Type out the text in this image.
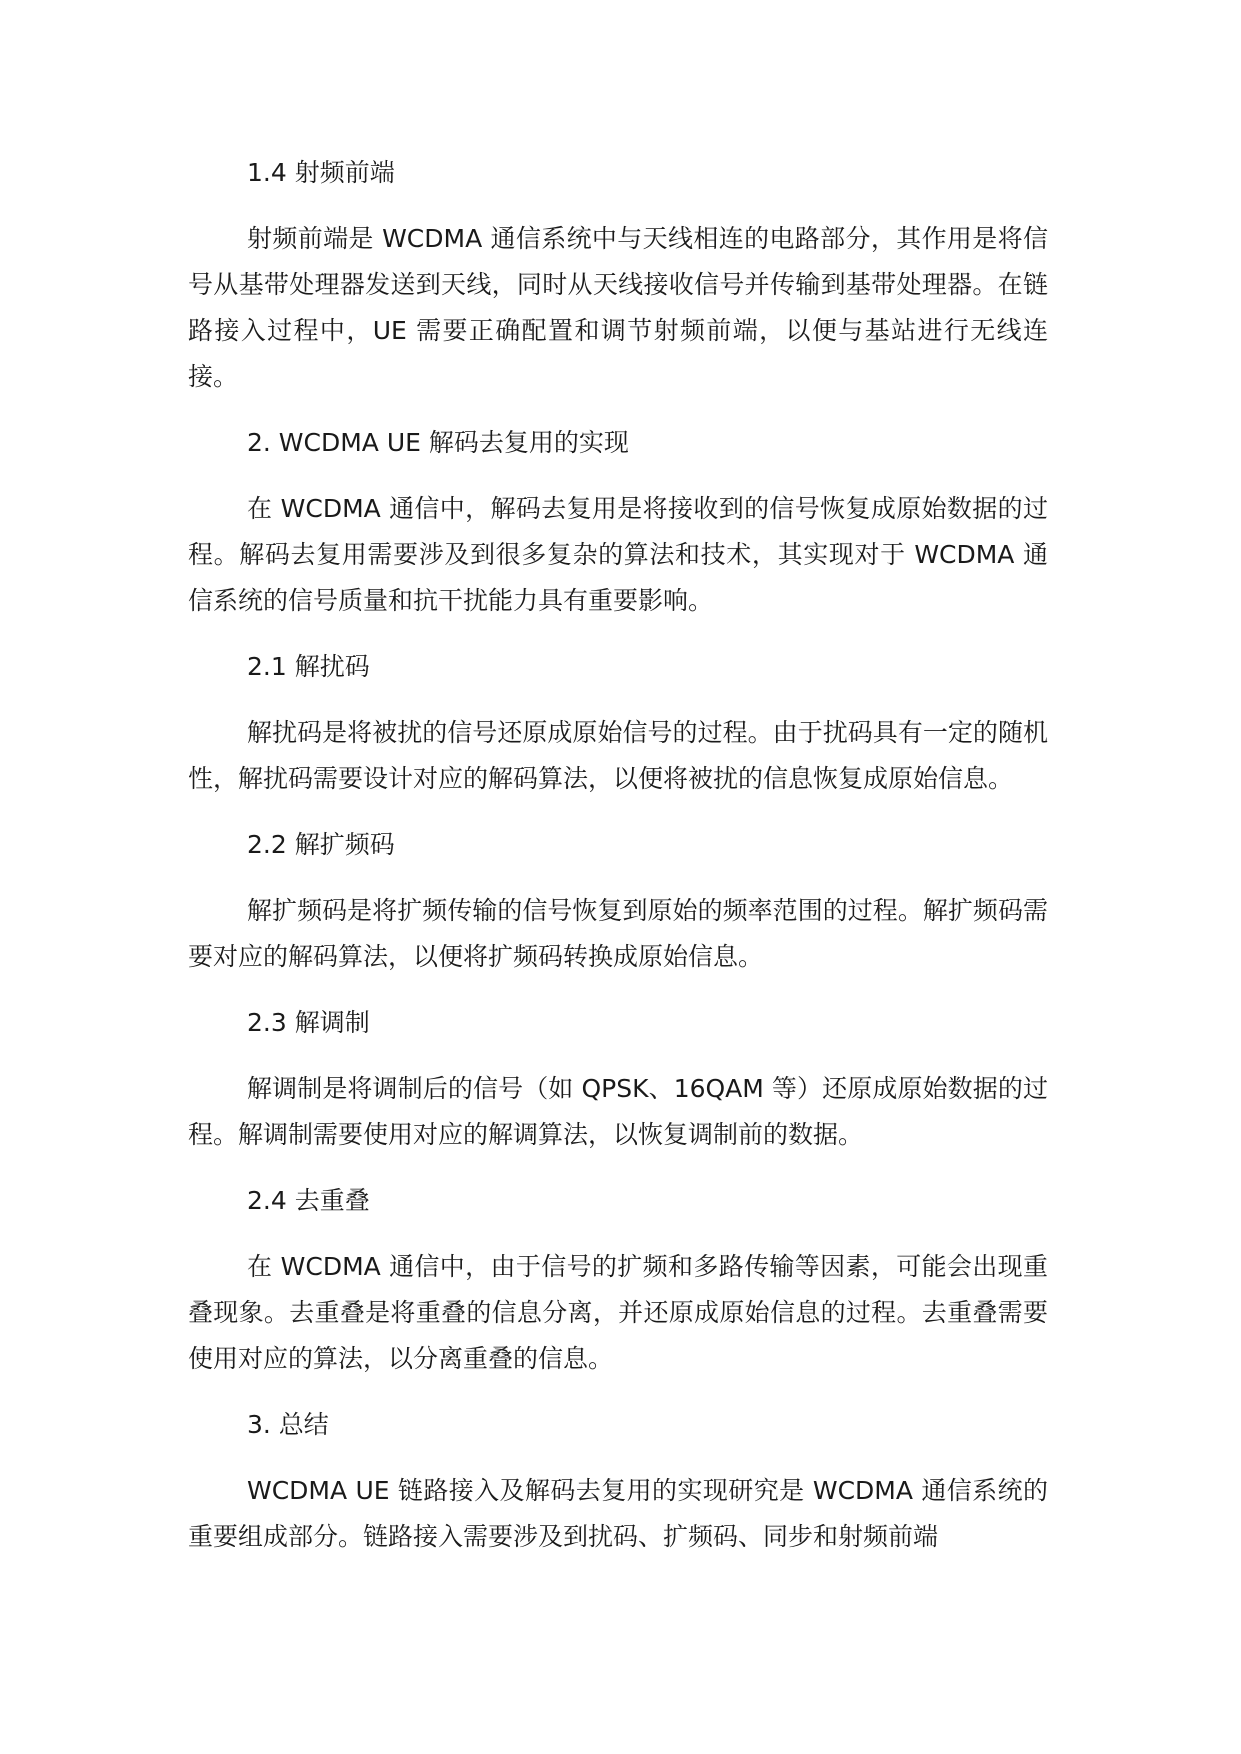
1.4 射频前端

射频前端是 WCDMA 通信系统中与天线相连的电路部分，其作用是将信号从基带处理器发送到天线，同时从天线接收信号并传输到基带处理器。在链路接入过程中，UE 需要正确配置和调节射频前端，以便与基站进行无线连接。

2. WCDMA UE 解码去复用的实现

在 WCDMA 通信中，解码去复用是将接收到的信号恢复成原始数据的过程。解码去复用需要涉及到很多复杂的算法和技术，其实现对于 WCDMA 通信系统的信号质量和抗干扰能力具有重要影响。

2.1 解扰码

解扰码是将被扰的信号还原成原始信号的过程。由于扰码具有一定的随机性，解扰码需要设计对应的解码算法，以便将被扰的信息恢复成原始信息。

2.2 解扩频码

解扩频码是将扩频传输的信号恢复到原始的频率范围的过程。解扩频码需要对应的解码算法，以便将扩频码转换成原始信息。

2.3 解调制

解调制是将调制后的信号（如 QPSK、16QAM 等）还原成原始数据的过程。解调制需要使用对应的解调算法，以恢复调制前的数据。

2.4 去重叠

在 WCDMA 通信中，由于信号的扩频和多路传输等因素，可能会出现重叠现象。去重叠是将重叠的信息分离，并还原成原始信息的过程。去重叠需要使用对应的算法，以分离重叠的信息。

3. 总结

WCDMA UE 链路接入及解码去复用的实现研究是 WCDMA 通信系统的重要组成部分。链路接入需要涉及到扰码、扩频码、同步和射频前端
